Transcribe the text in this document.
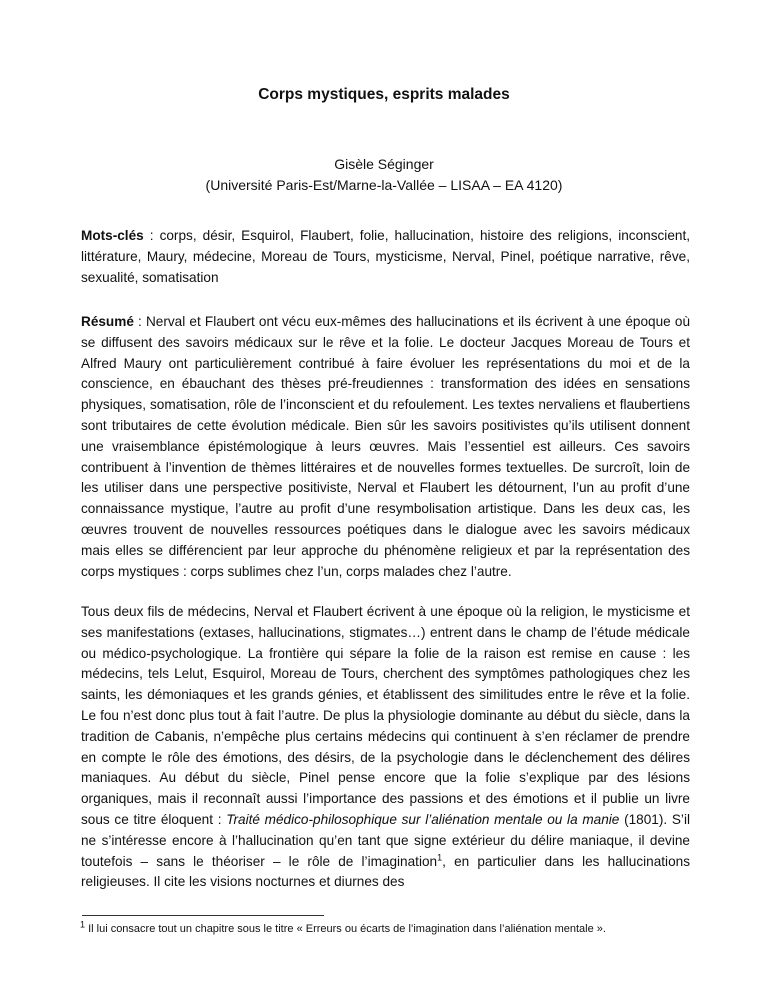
Corps mystiques, esprits malades
Gisèle Séginger
(Université Paris-Est/Marne-la-Vallée – LISAA – EA 4120)

Mots-clés : corps, désir, Esquirol, Flaubert, folie, hallucination, histoire des religions, inconscient, littérature, Maury, médecine, Moreau de Tours, mysticisme, Nerval, Pinel, poétique narrative, rêve, sexualité, somatisation

Résumé : Nerval et Flaubert ont vécu eux-mêmes des hallucinations et ils écrivent à une époque où se diffusent des savoirs médicaux sur le rêve et la folie. Le docteur Jacques Moreau de Tours et Alfred Maury ont particulièrement contribué à faire évoluer les représentations du moi et de la conscience, en ébauchant des thèses pré-freudiennes : transformation des idées en sensations physiques, somatisation, rôle de l’inconscient et du refoulement. Les textes nervaliens et flaubertiens sont tributaires de cette évolution médicale. Bien sûr les savoirs positivistes qu’ils utilisent donnent une vraisemblance épistémologique à leurs œuvres. Mais l’essentiel est ailleurs. Ces savoirs contribuent à l’invention de thèmes littéraires et de nouvelles formes textuelles. De surcroît, loin de les utiliser dans une perspective positiviste, Nerval et Flaubert les détournent, l’un au profit d’une connaissance mystique, l’autre au profit d’une resymbolisation artistique. Dans les deux cas, les œuvres trouvent de nouvelles ressources poétiques dans le dialogue avec les savoirs médicaux mais elles se différencient par leur approche du phénomène religieux et par la représentation des corps mystiques : corps sublimes chez l’un, corps malades chez l’autre.

Tous deux fils de médecins, Nerval et Flaubert écrivent à une époque où la religion, le mysticisme et ses manifestations (extases, hallucinations, stigmates…) entrent dans le champ de l’étude médicale ou médico-psychologique. La frontière qui sépare la folie de la raison est remise en cause : les médecins, tels Lelut, Esquirol, Moreau de Tours, cherchent des symptômes pathologiques chez les saints, les démoniaques et les grands génies, et établissent des similitudes entre le rêve et la folie. Le fou n’est donc plus tout à fait l’autre. De plus la physiologie dominante au début du siècle, dans la tradition de Cabanis, n’empêche plus certains médecins qui continuent à s’en réclamer de prendre en compte le rôle des émotions, des désirs, de la psychologie dans le déclenchement des délires maniaques. Au début du siècle, Pinel pense encore que la folie s’explique par des lésions organiques, mais il reconnaît aussi l’importance des passions et des émotions et il publie un livre sous ce titre éloquent : Traité médico-philosophique sur l’aliénation mentale ou la manie (1801). S’il ne s’intéresse encore à l’hallucination qu’en tant que signe extérieur du délire maniaque, il devine toutefois – sans le théoriser – le rôle de l’imagination$^1$, en particulier dans les hallucinations religieuses. Il cite les visions nocturnes et diurnes des

$^1$ Il lui consacre tout un chapitre sous le titre « Erreurs ou écarts de l’imagination dans l’aliénation mentale ».
